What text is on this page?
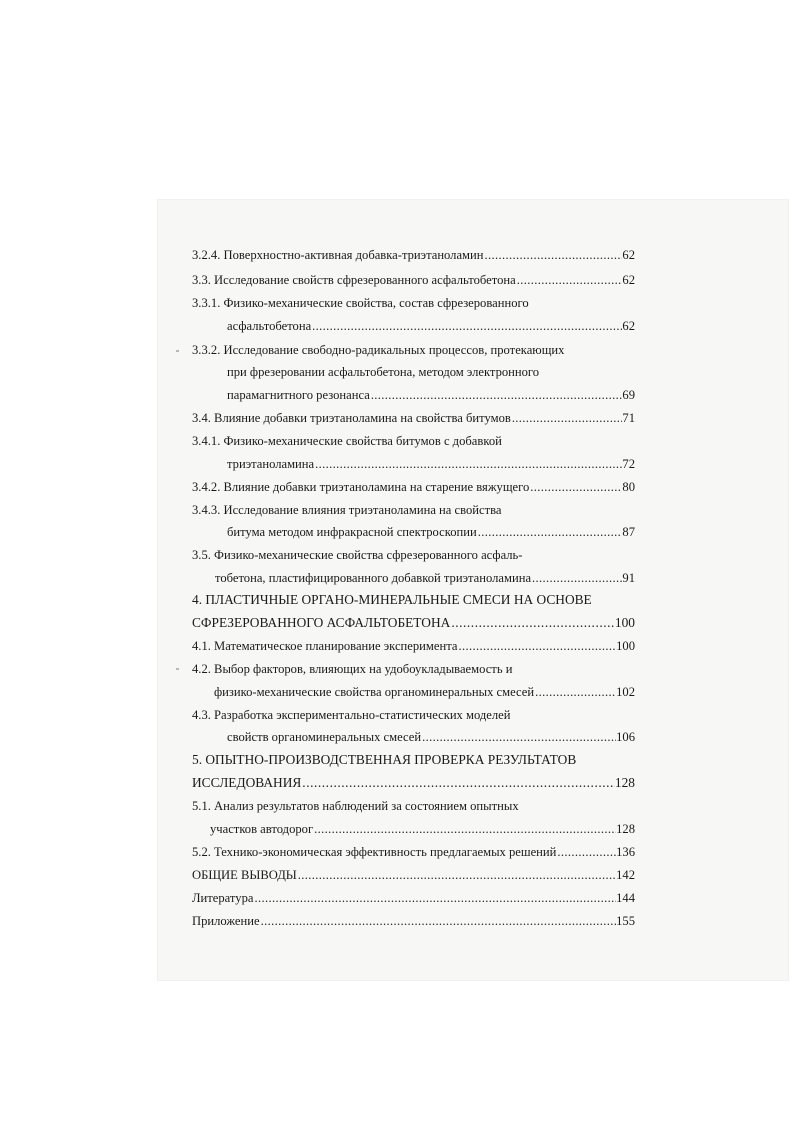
3.2.4. Поверхностно-активная добавка-триэтаноламин . . .	62
3.3. Исследование свойств сфрезерованного асфальтобетона . . .	62
3.3.1. Физико-механические свойства, состав сфрезерованного
асфальтобетона . . .	62
3.3.2. Исследование свободно-радикальных процессов, протекающих
при фрезеровании асфальтобетона, методом электронного
парамагнитного резонанса . . .	69
3.4. Влияние добавки триэтаноламина на свойства битумов . . .	71
3.4.1. Физико-механические свойства битумов с добавкой
триэтаноламина . . .	72
3.4.2. Влияние добавки триэтаноламина на старение вяжущего . . .	80
3.4.3. Исследование влияния триэтаноламина на свойства
битума методом инфракрасной спектроскопии . . .	87
3.5. Физико-механические свойства сфрезерованного асфаль-
тобетона, пластифицированного добавкой триэтаноламина . . .	91
4. ПЛАСТИЧНЫЕ ОРГАНО-МИНЕРАЛЬНЫЕ СМЕСИ НА ОСНОВЕ
СФРЕЗЕРОВАННОГО АСФАЛЬТОБЕТОНА . . .	100
4.1. Математическое планирование эксперимента . . .	100
4.2. Выбор факторов, влияющих на удобоукладываемость и
физико-механические свойства органоминеральных смесей . . .	102
4.3. Разработка экспериментально-статистических моделей
свойств органоминеральных смесей . . .	106
5. ОПЫТНО-ПРОИЗВОДСТВЕННАЯ ПРОВЕРКА РЕЗУЛЬТАТОВ
ИССЛЕДОВАНИЯ . . .	128
5.1. Анализ результатов наблюдений за состоянием опытных
участков автодорог . . .	128
5.2. Технико-экономическая эффективность предлагаемых решений . . .	136
ОБЩИЕ ВЫВОДЫ . . .	142
Литература . . .	144
Приложение . . .	155
